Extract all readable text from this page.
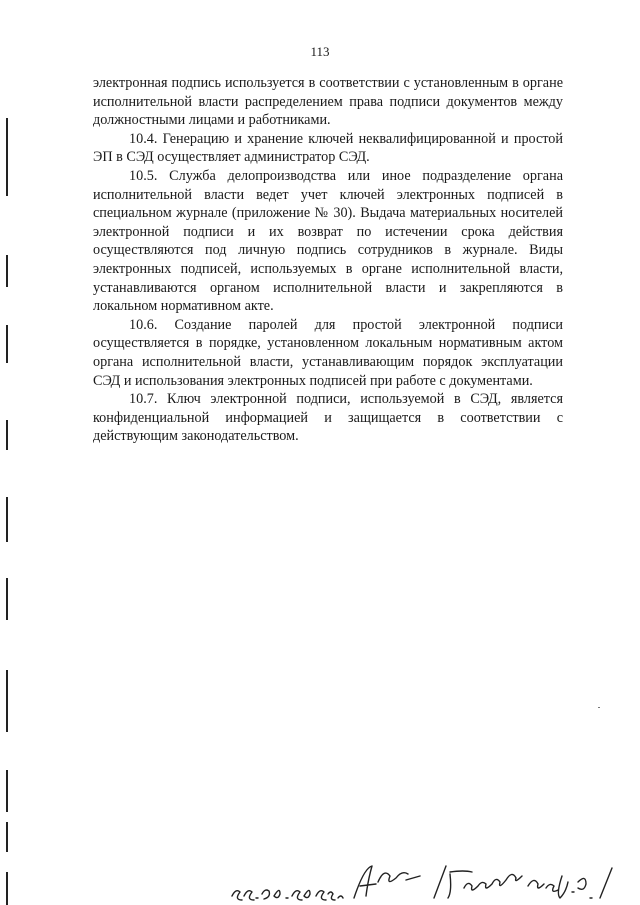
113

электронная подпись используется в соответствии с установленным в органе исполнительной власти распределением права подписи документов между должностными лицами и работниками.

10.4. Генерацию и хранение ключей неквалифицированной и простой ЭП в СЭД осуществляет администратор СЭД.

10.5. Служба делопроизводства или иное подразделение органа исполнительной власти ведет учет ключей электронных подписей в специальном журнале (приложение № 30). Выдача материальных носителей электронной подписи и их возврат по истечении срока действия осуществляются под личную подпись сотрудников в журнале. Виды электронных подписей, используемых в органе исполнительной власти, устанавливаются органом исполнительной власти и закрепляются в локальном нормативном акте.

10.6. Создание паролей для простой электронной подписи осуществляется в порядке, установленном локальным нормативным актом органа исполнительной власти, устанавливающим порядок эксплуатации СЭД и использования электронных подписей при работе с документами.

10.7. Ключ электронной подписи, используемой в СЭД, является конфиденциальной информацией и защищается в соответствии с действующим законодательством.
